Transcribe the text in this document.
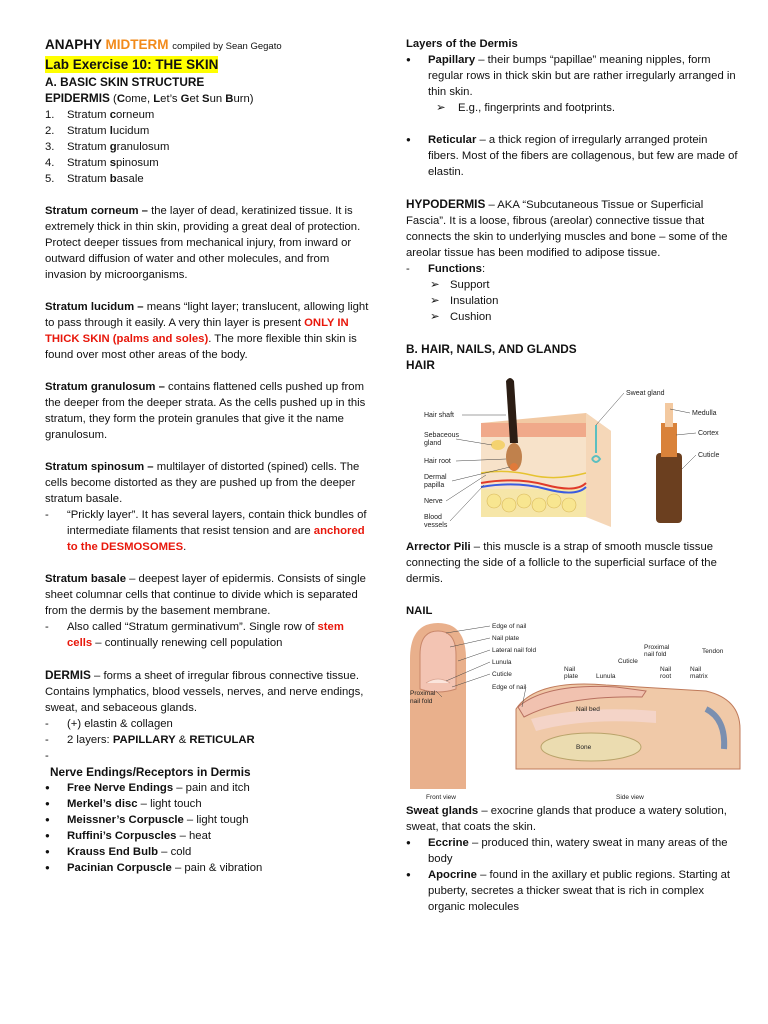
ANAPHY MIDTERM compiled by Sean Gegato

Lab Exercise 10: THE SKIN

A. BASIC SKIN STRUCTURE

EPIDERMIS (Come, Let’s Get Sun Burn)

1. Stratum corneum
2. Stratum lucidum
3. Stratum granulosum
4. Stratum spinosum
5. Stratum basale

Stratum corneum – the layer of dead, keratinized tissue. It is extremely thick in thin skin, providing a great deal of protection. Protect deeper tissues from mechanical injury, from inward or outward diffusion of water and other molecules, and from invasion by microorganisms.

Stratum lucidum – means “light layer; translucent, allowing light to pass through it easily. A very thin layer is present ONLY IN THICK SKIN (palms and soles). The more flexible thin skin is found over most other areas of the body.

Stratum granulosum – contains flattened cells pushed up from the deeper from the deeper strata. As the cells pushed up in this stratum, they form the protein granules that give it the name granulosum.

Stratum spinosum – multilayer of distorted (spined) cells. The cells become distorted as they are pushed up from the deeper stratum basale.

- “Prickly layer”. It has several layers, contain thick bundles of intermediate filaments that resist tension and are anchored to the DESMOSOMES.

Stratum basale – deepest layer of epidermis. Consists of single sheet columnar cells that continue to divide which is separated from the dermis by the basement membrane.

- Also called “Stratum germinativum”. Single row of stem cells – continually renewing cell population

DERMIS – forms a sheet of irregular fibrous connective tissue. Contains lymphatics, blood vessels, nerves, and nerve endings, sweat, and sebaceous glands.

- (+) elastin & collagen
- 2 layers: PAPILLARY & RETICULAR
-

Nerve Endings/Receptors in Dermis

● Free Nerve Endings – pain and itch
● Merkel’s disc – light touch
● Meissner’s Corpuscle – light tough
● Ruffini’s Corpuscles – heat
● Krauss End Bulb – cold
● Pacinian Corpuscle – pain & vibration

Layers of the Dermis

● Papillary – their bumps “papillae” meaning nipples, form regular rows in thick skin but are rather irregularly arranged in thin skin.
➢ E.g., fingerprints and footprints.
● Reticular – a thick region of irregularly arranged protein fibers. Most of the fibers are collagenous, but few are made of elastin.

HYPODERMIS – AKA “Subcutaneous Tissue or Superficial Fascia”. It is a loose, fibrous (areolar) connective tissue that connects the skin to underlying muscles and bone – some of the areolar tissue has been modified to adipose tissue.

- Functions:
➢ Support
➢ Insulation
➢ Cushion

B. HAIR, NAILS, AND GLANDS

HAIR

Hair shaft
Sebaceous
gland
Hair root
Dermal
papilla
Nerve
Blood
vessels
Sweat gland
Medulla
Cortex
Cuticle

Arrector Pili – this muscle is a strap of smooth muscle tissue connecting the side of a follicle to the superficial surface of the dermis.

NAIL

Edge of nail
Nail plate
Lateral nail fold
Lunula
Cuticle
Proximal
nail fold
Edge of nail
Nail
plate	Lunula
Cuticle
Proximal
nail fold
Nail
root
Nail
matrix
Tendon
Nail bed
Bone
Front view	Side view

Sweat glands – exocrine glands that produce a watery solution, sweat, that coats the skin.

● Eccrine – produced thin, watery sweat in many areas of the body
● Apocrine – found in the axillary et public regions. Starting at puberty, secretes a thicker sweat that is rich in complex organic molecules
